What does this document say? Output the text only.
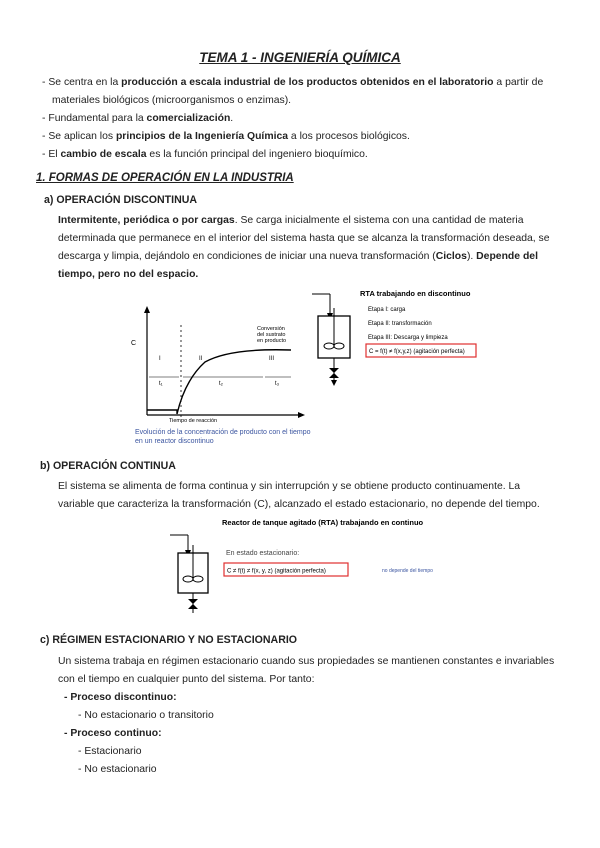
TEMA 1 - INGENIERÍA QUÍMICA
- Se centra en la producción a escala industrial de los productos obtenidos en el laboratorio a partir de
materiales biológicos (microorganismos o enzimas).
- Fundamental para la comercialización.
- Se aplican los principios de la Ingeniería Química a los procesos biológicos.
- El cambio de escala es la función principal del ingeniero bioquímico.
1. FORMAS DE OPERACIÓN EN LA INDUSTRIA
a) OPERACIÓN DISCONTINUA
Intermitente, periódica o por cargas. Se carga inicialmente el sistema con una cantidad de materia
determinada que permanece en el interior del sistema hasta que se alcanza la transformación deseada, se
descarga y limpia, dejándolo en condiciones de iniciar una nueva transformación (Ciclos). Depende del
tiempo, pero no del espacio.
C
I	II	III
Conversión del sustrato en producto
t₁	t₂	t₃
Tiempo de reacción
Evolución de la concentración de producto con el tiempo
en un reactor discontinuo
RTA trabajando en discontinuo
Etapa I: carga
Etapa II: transformación
Etapa III: Descarga y limpieza
C = f(t) ≠ f(x,y,z) (agitación perfecta)
b) OPERACIÓN CONTINUA
El sistema se alimenta de forma continua y sin interrupción y se obtiene producto continuamente. La
variable que caracteriza la transformación (C), alcanzado el estado estacionario, no depende del tiempo.
Reactor de tanque agitado (RTA) trabajando en continuo
En estado estacionario:
C ≠ f(t) ≠ f(x, y, z) (agitación perfecta)	no depende del tiempo
c) RÉGIMEN ESTACIONARIO Y NO ESTACIONARIO
Un sistema trabaja en régimen estacionario cuando sus propiedades se mantienen constantes e invariables
con el tiempo en cualquier punto del sistema. Por tanto:
- Proceso discontinuo:
- No estacionario o transitorio
- Proceso continuo:
- Estacionario
- No estacionario
